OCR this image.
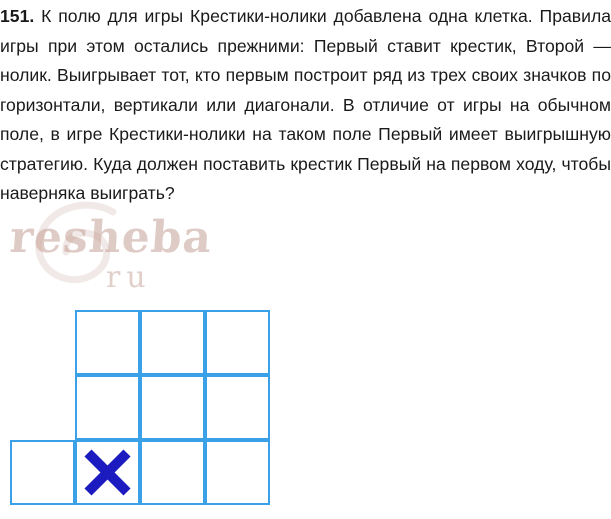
151. К полю для игры Крестики-нолики добавлена одна клетка. Правила игры при этом остались прежними: Первый ставит крестик, Второй — нолик. Выигрывает тот, кто первым построит ряд из трех своих значков по горизонтали, вертикали или диагонали. В отличие от игры на обычном поле, в игре Крестики-нолики на таком поле Первый имеет выигрышную стратегию. Куда должен поставить крестик Первый на первом ходу, чтобы наверняка выиграть?
resheba
ru
